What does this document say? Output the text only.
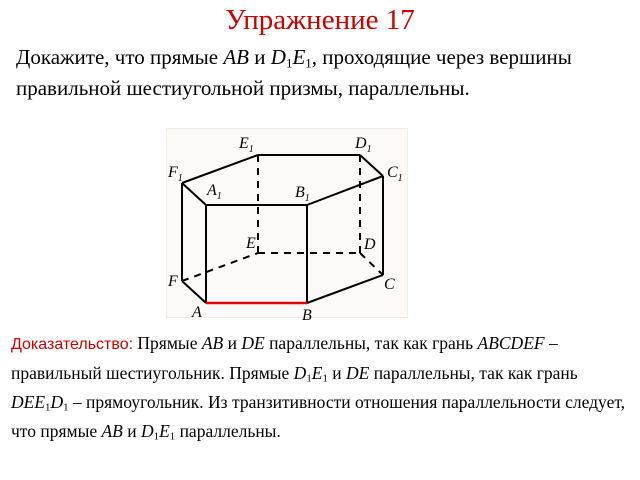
Упражнение 17
Докажите, что прямые AB и $D_1E_1$, проходящие через вершины правильной шестиугольной призмы, параллельны.
$E_1$	$D_1$
$F_1$	$C_1$
$A_1$	$B_1$
E	D
F	C
A	B
Доказательство: Прямые AB и DE параллельны, так как грань ABCDEF – правильный шестиугольник. Прямые $D_1E_1$ и DE параллельны, так как грань $DEE_1D_1$ – прямоугольник. Из транзитивности отношения параллельности следует, что прямые AB и $D_1E_1$ параллельны.
